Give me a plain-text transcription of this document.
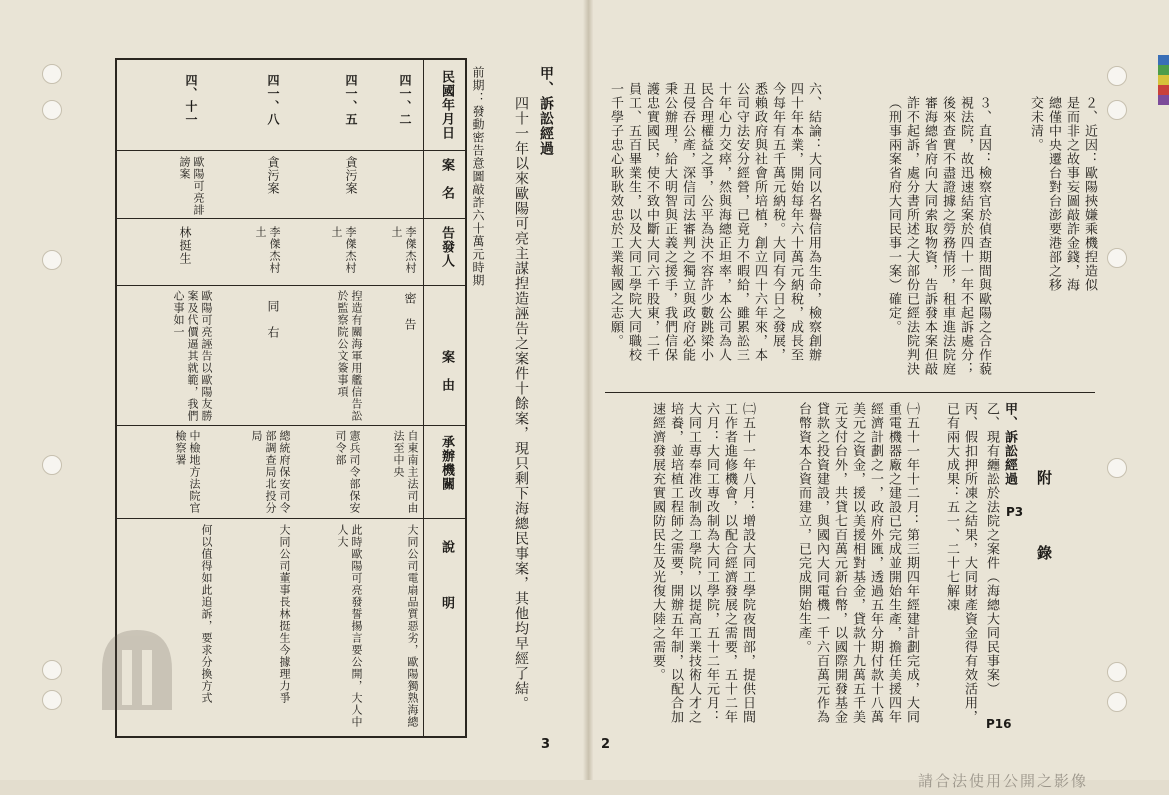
甲、訴訟經過
四十一年以來歐陽可亮主謀揑造誣告之案件十餘案，現只剩下海總民事案，其他均早經了結。
前期：發動密告意圖敲詐六十萬元時期
民國年月日
案　名
告發人
案　由
承辦機關
說　　　明
四一、二
李傑杰村土
密　告
自東南主法司由法至中央
大同公司電扇品質惡劣，歐陽獨熟海總
四一、五
貪污案
李傑杰村土
揑造有關海軍用艦信告訟於監察院公文簽事項
憲兵司令部保安司令部
此時歐陽可亮發誓揚言要公開，大人中人大
四一、八
貪污案
李傑杰村土
同　右
總統府保安司令部調查局北投分局
大同公司董事長林挺生今據理力爭
四、十一
歐陽可亮誹謗案
林挺生
歐陽可亮誣告以歐陽友勝案及代價逼其就範，我們心事如一
中檢地方法院官檢察署
何以值得如此追訴，要求分換方式
3
２、近因：歐陽挾嫌乘機揑造似是而非之故事妄圖敲詐金錢，海總僅中央遷台對台澎要港部之移交未清。
３、直因：檢察官於偵查期間與歐陽之合作藐視法院，故迅速結案於四十一年不起訴處分；後來查實不盡證據之勞務情形，租車進法院庭審海總省府向大同索取物資，告訴發本案但敲詐不起訴，處分書所述之大部份已經法院判決（刑事兩案省府大同民事一案）確定。
六、結論：大同以名譽信用為生命，檢察創辦四十年本業，開始每年六十萬元納稅，成長至今每年有五千萬元納稅。大同有今日之發展，悉賴政府與社會所培植，創立四十六年來，本公司守法安分經營，已竟力不暇給，雖累訟三十年心力交瘁，然與海總正坦率，本公司為人民合理權益之爭，公平為決不容許少數跳梁小丑侵吞公產，深信司法審判之獨立與政府必能秉公辦理，給大明智與正義之援手，我們信保護忠實國民，使不致中斷大同六千股東，二千員工、五百畢業生，以及大同工學院大同職校一千學子忠心耿耿效忠於工業報國之志願。
附　　錄
甲、訴訟經過
P3
乙、現有纏訟於法院之案件（海總大同民事案）
丙、假扣押所凍之結果，大同財產資金得有效活用，已有兩大成果：五一、二十七解凍
㈠五十一年十二月：第三期四年經建計劃完成，大同重電機器廠之建設已完成並開始生產，擔任美援四年經濟計劃之一，政府外匯，透過五年分期付款十八萬美元之資金，援以美援相對基金，貸款十九萬五千美元支付台外，共貸七百萬元新台幣，以國際開發基金貸款之投資建設，與國內大同電機一千六百萬元作為台幣資本合資而建立，已完成開始生產。
㈡五十一年八月：增設大同工學院夜間部，提供日間工作者進修機會，以配合經濟發展之需要，五十二年六月：大同工專改制為大同工學院，五十二年元月：大同工專奉准改制為工學院，以提高工業技術人才之培養，並培植工程師之需要，開辦五年制，以配合加速經濟發展充實國防民生及光復大陸之需要。
P16
2
請合法使用公開之影像
